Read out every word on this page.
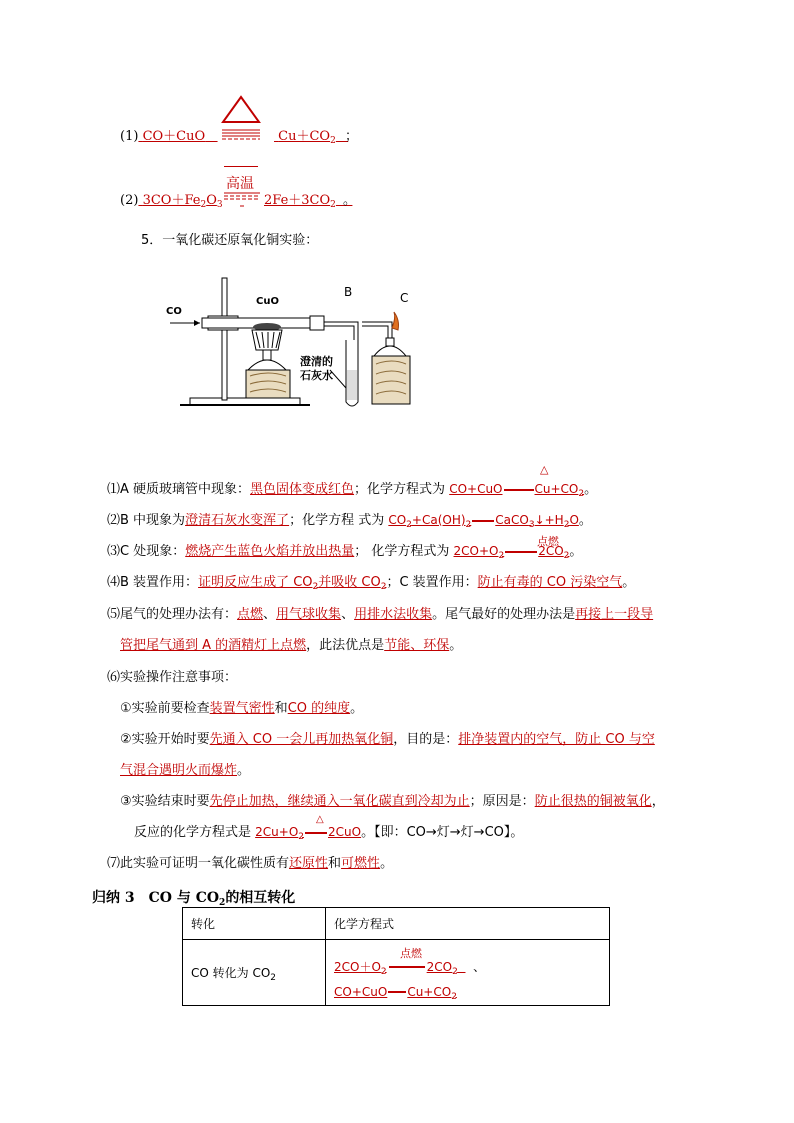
(1) CO＋CuO	$Cu+CO_2$ ；
高温
(2) $3CO+Fe_2O_3$	$2Fe+3CO_2$ 。
5．一氧化碳还原氧化铜实验：
CO
CuO
B	C
澄清的
石灰水
⑴A 硬质玻璃管中现象：黑色固体变成红色；化学方程式为 CO+CuO	$Cu+CO_2$。
△
⑵B 中现象为澄清石灰水变浑了；化学方程 式为 $CO_2+Ca(OH)_2$ $CaCO_3↓+H_2O$。
⑶C 处现象：燃烧产生蓝色火焰并放出热量； 化学方程式为 $2CO+O_2$	$2CO_2$。
点燃
⑷B 装置作用：证明反应生成了 $CO_2$并吸收 $CO_2$；C 装置作用：防止有毒的 CO 污染空气。
⑸尾气的处理办法有：点燃、用气球收集、用排水法收集。尾气最好的处理办法是再接上一段导
管把尾气通到 A 的酒精灯上点燃，此法优点是节能、环保。
⑹实验操作注意事项：
①实验前要检查装置气密性和CO 的纯度。
②实验开始时要先通入 CO 一会儿再加热氧化铜，目的是：排净装置内的空气，防止 CO 与空
气混合遇明火而爆炸。
③实验结束时要先停止加热，继续通入一氧化碳直到冷却为止；原因是：防止很热的铜被氧化，
反应的化学方程式是 $2Cu+O_2$ 2CuO。【即：CO→灯→灯→CO】。
△
⑺此实验可证明一氧化碳性质有还原性和可燃性。
归纳 3　CO 与 $CO_2$的相互转化
转化	化学方程式
CO 转化为 $CO_2$	点燃
$2CO+O_2$ $2CO_2$ 、
CO+CuO $Cu+CO_2$
